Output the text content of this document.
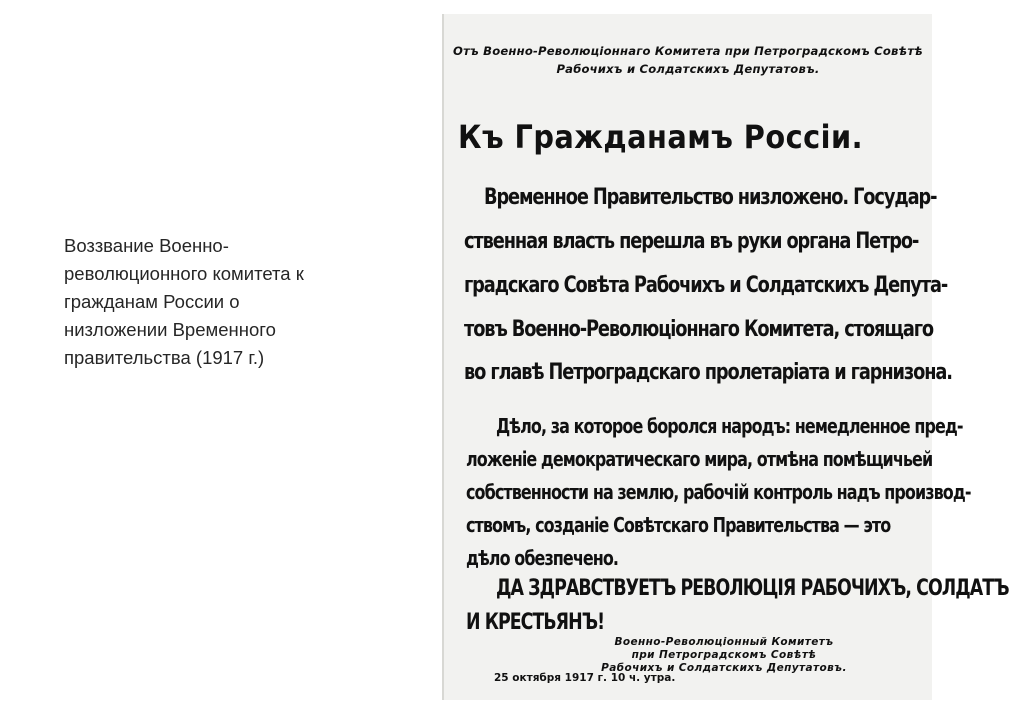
Воззвание Военно-
революционного комитета к
гражданам России о
низложении Временного
правительства (1917 г.)
Отъ Военно-Революціоннаго Комитета при Петроградскомъ Совѣтѣ
Рабочихъ и Солдатскихъ Депутатовъ.
Къ Гражданамъ Россіи.
Временное Правительство низложено. Государ-
ственная власть перешла въ руки органа Петро-
градскаго Совѣта Рабочихъ и Солдатскихъ Депута-
товъ Военно-Революціоннаго Комитета, стоящаго
во главѣ Петроградскаго пролетаріата и гарнизона.
Дѣло, за которое боролся народъ: немедленное пред-
ложеніе демократическаго мира, отмѣна помѣщичьей
собственности на землю, рабочій контроль надъ производ-
ствомъ, созданіе Совѣтскаго Правительства — это
дѣло обезпечено.
ДА ЗДРАВСТВУЕТЪ РЕВОЛЮЦІЯ РАБОЧИХЪ, СОЛДАТЪ
И КРЕСТЬЯНЪ!
Военно-Революціонный Комитетъ
при Петроградскомъ Совѣтѣ
Рабочихъ и Солдатскихъ Депутатовъ.
25 октября 1917 г. 10 ч. утра.
